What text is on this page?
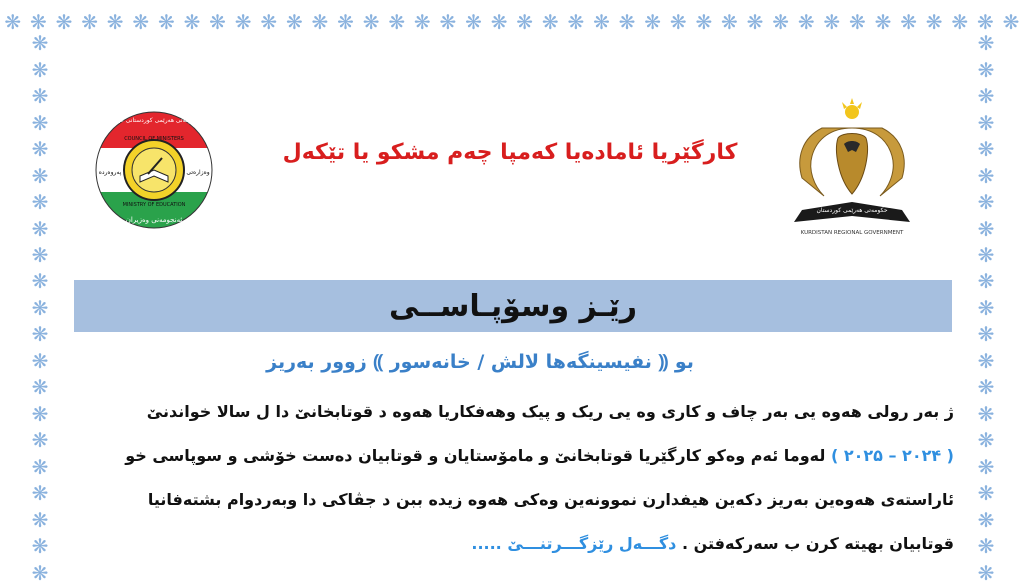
❋ ❋ ❋ ❋ ❋ ❋ ❋ ❋ ❋ ❋ ❋ ❋ ❋ ❋ ❋ ❋ ❋ ❋ ❋ ❋ ❋ ❋ ❋ ❋ ❋ ❋ ❋ ❋ ❋ ❋ ❋ ❋ ❋ ❋ ❋ ❋ ❋ ❋ ❋ ❋
❋
❋
❋
❋
❋
❋
❋
❋
❋
❋
❋
❋
❋
❋
❋
❋
❋
❋
❋
❋
❋
❋
❋
❋
❋
❋
❋
❋
❋
❋
❋
❋
❋
❋
❋
❋
❋
❋
❋
❋
❋
❋
COUNCIL OF MINISTERS
MINISTRY OF EDUCATION
حكومەتی هەرێمی كوردستانی عیراق
پەروەردە	وەزارەتی
ئەنجومەنی وەزیران
كارگێريا ئامادەيا كەمپا چەم مشكو يا تێكەل
حكومەتی هەرێمی كوردستان
KURDISTAN REGIONAL GOVERNMENT
رێـز وسۆپـاســی
بو ⸨ نفیسینگەها لالش / خانەسور ⸩ زوور بەریز
ژ بەر رولی هەوە یی بەر چاف و کاری وە یی ریک و پیک وهەفکاریا هەوە د قوتابخانێ دا ل سالا خواندنێ
( ۲۰۲۴ – ۲۰۲۵ ) لەوما ئەم وەکو کارگێریا قوتابخانێ و مامۆستایان و قوتابیان دەست خۆشی و سوپاسی خو
ئاراستەی هەوەین بەریز دکەین هیفدارن نموونەین وەکی هەوە زیدە ببن د جڤاکی دا وبەردوام بشتەفانیا
قوتابیان بهیتە کرن ب سەرکەفتن . دگـــەل رێزگـــرتنـــێ .....
